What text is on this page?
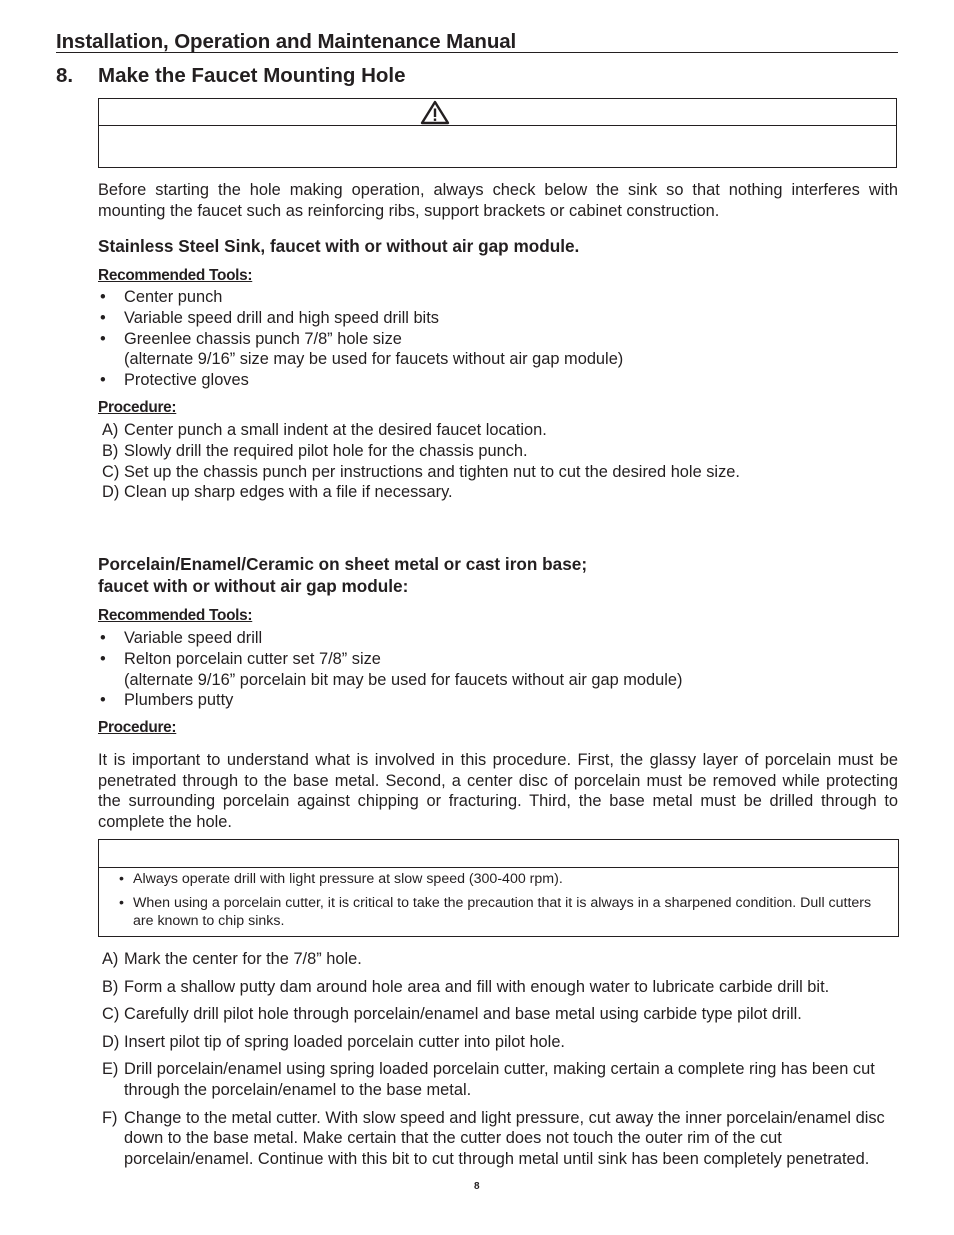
Installation, Operation and Maintenance Manual
8. Make the Faucet Mounting Hole

Before starting the hole making operation, always check below the sink so that nothing interferes with mounting the faucet such as reinforcing ribs, support brackets or cabinet construction.

Stainless Steel Sink, faucet with or without air gap module.
Recommended Tools:
• Center punch
• Variable speed drill and high speed drill bits
• Greenlee chassis punch 7/8” hole size
(alternate 9/16” size may be used for faucets without air gap module)
• Protective gloves
Procedure:
A) Center punch a small indent at the desired faucet location.
B) Slowly drill the required pilot hole for the chassis punch.
C) Set up the chassis punch per instructions and tighten nut to cut the desired hole size.
D) Clean up sharp edges with a file if necessary.
Porcelain/Enamel/Ceramic on sheet metal or cast iron base;
faucet with or without air gap module:
Recommended Tools:
• Variable speed drill
• Relton porcelain cutter set 7/8” size
(alternate 9/16” porcelain bit may be used for faucets without air gap module)
• Plumbers putty
Procedure:

It is important to understand what is involved in this procedure. First, the glassy layer of porcelain must be penetrated through to the base metal. Second, a center disc of porcelain must be removed while protecting the surrounding porcelain against chipping or fracturing. Third, the base metal must be drilled through to complete the hole.

• Always operate drill with light pressure at slow speed (300-400 rpm).
• When using a porcelain cutter, it is critical to take the precaution that it is always in a sharpened condition. Dull cutters are known to chip sinks.
A) Mark the center for the 7/8” hole.
B) Form a shallow putty dam around hole area and fill with enough water to lubricate carbide drill bit.
C) Carefully drill pilot hole through porcelain/enamel and base metal using carbide type pilot drill.
D) Insert pilot tip of spring loaded porcelain cutter into pilot hole.
E) Drill porcelain/enamel using spring loaded porcelain cutter, making certain a complete ring has been cut through the porcelain/enamel to the base metal.
F) Change to the metal cutter. With slow speed and light pressure, cut away the inner porcelain/enamel disc down to the base metal. Make certain that the cutter does not touch the outer rim of the cut porcelain/enamel. Continue with this bit to cut through metal until sink has been completely penetrated.
8
